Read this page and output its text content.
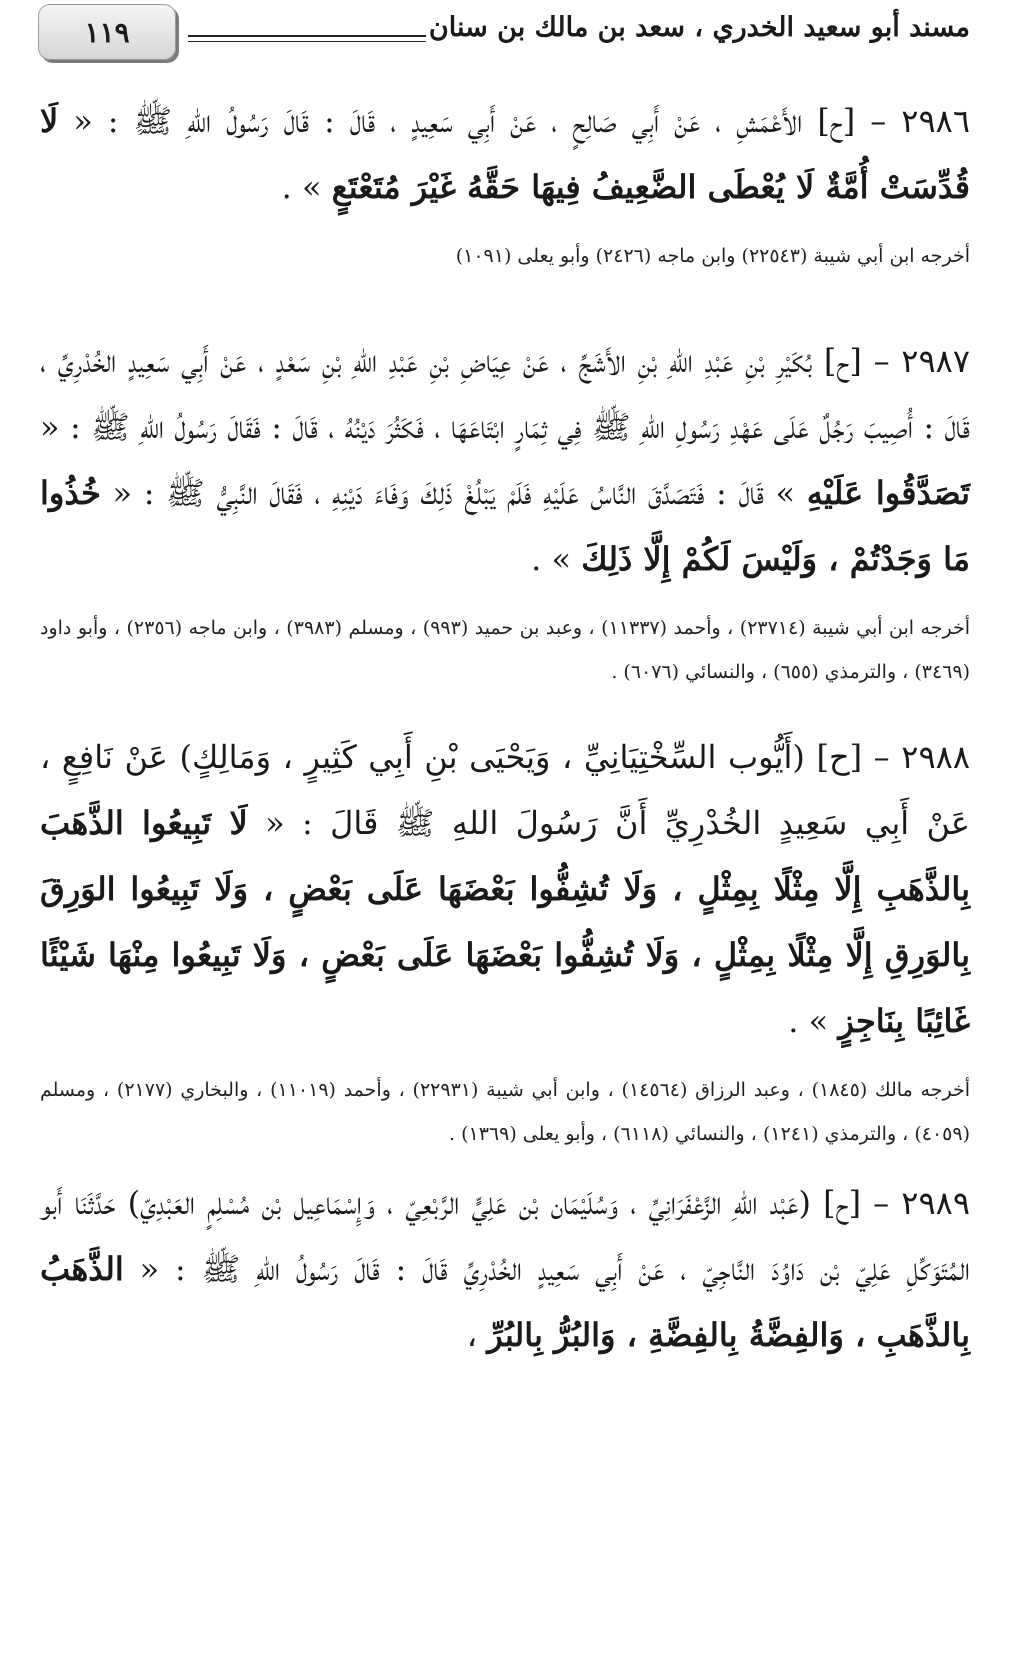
١١٩	مسند أبو سعيد الخدري ، سعد بن مالك بن سنان

٢٩٨٦ – [ح] الأَعْمَشِ ، عَنْ أَبِي صَالِحٍ ، عَنْ أَبِي سَعِيدٍ ، قَالَ : قَالَ رَسُولُ اللهِ ﷺ : « لَا قُدِّسَتْ أُمَّةٌ لَا يُعْطَى الضَّعِيفُ فِيهَا حَقَّهُ غَيْرَ مُتَعْتَعٍ » .

أخرجه ابن أبي شيبة (٢٢٥٤٣) وابن ماجه (٢٤٢٦) وأبو يعلى (١٠٩١)

٢٩٨٧ – [ح] بُكَيْرِ بْنِ عَبْدِ اللهِ بْنِ الأَشَجِّ ، عَنْ عِيَاضِ بْنِ عَبْدِ اللهِ بْنِ سَعْدٍ ، عَنْ أَبِي سَعِيدٍ الخُدْرِيِّ ، قَالَ : أُصِيبَ رَجُلٌ عَلَى عَهْدِ رَسُولِ اللهِ ﷺ فِي ثِمَارٍ ابْتَاعَهَا ، فَكَثُرَ دَيْنُهُ ، قَالَ : فَقَالَ رَسُولُ اللهِ ﷺ : « تَصَدَّقُوا عَلَيْهِ » قَالَ : فَتَصَدَّقَ النَّاسُ عَلَيْهِ فَلَمْ يَبْلُغْ ذَلِكَ وَفَاءَ دَيْنِهِ ، فَقَالَ النَّبِيُّ ﷺ : « خُذُوا مَا وَجَدْتُمْ ، وَلَيْسَ لَكُمْ إِلَّا ذَلِكَ » .

أخرجه ابن أبي شيبة (٢٣٧١٤) ، وأحمد (١١٣٣٧) ، وعبد بن حميد (٩٩٣) ، ومسلم (٣٩٨٣) ، وابن ماجه (٢٣٥٦) ، وأبو داود (٣٤٦٩) ، والترمذي (٦٥٥) ، والنسائي (٦٠٧٦) .

٢٩٨٨ – [ح] (أَيُّوب السِّخْتِيَانِيِّ ، وَيَحْيَى بْنِ أَبِي كَثِيرٍ ، وَمَالِكٍ) عَنْ نَافِعٍ ، عَنْ أَبِي سَعِيدٍ الخُدْرِيِّ أَنَّ رَسُولَ اللهِ ﷺ قَالَ : « لَا تَبِيعُوا الذَّهَبَ بِالذَّهَبِ إِلَّا مِثْلًا بِمِثْلٍ ، وَلَا تُشِفُّوا بَعْضَهَا عَلَى بَعْضٍ ، وَلَا تَبِيعُوا الوَرِقَ بِالوَرِقِ إِلَّا مِثْلًا بِمِثْلٍ ، وَلَا تُشِفُّوا بَعْضَهَا عَلَى بَعْضٍ ، وَلَا تَبِيعُوا مِنْهَا شَيْئًا غَائِبًا بِنَاجِزٍ » .

أخرجه مالك (١٨٤٥) ، وعبد الرزاق (١٤٥٦٤) ، وابن أبي شيبة (٢٢٩٣١) ، وأحمد (١١٠١٩) ، والبخاري (٢١٧٧) ، ومسلم (٤٠٥٩) ، والترمذي (١٢٤١) ، والنسائي (٦١١٨) ، وأبو يعلى (١٣٦٩) .

٢٩٨٩ – [ح] (عَبْد اللهِ الزَّعْفَرَانِيِّ ، وَسُلَيْمَان بْن عَلِيٍّ الرَّبْعِيّ ، وَإِسْمَاعِيل بْن مُسْلِمٍ العَبْدِيّ) حَدَّثَنَا أَبو المُتَوَكِّلِ عَلِيّ بْن دَاوُدَ النَّاجِيّ ، عَنْ أَبِي سَعِيدٍ الخُدْرِيِّ قَالَ : قَالَ رَسُولُ اللهِ ﷺ : « الذَّهَبُ بِالذَّهَبِ ، وَالفِضَّةُ بِالفِضَّةِ ، وَالبُرُّ بِالبُرِّ ،
